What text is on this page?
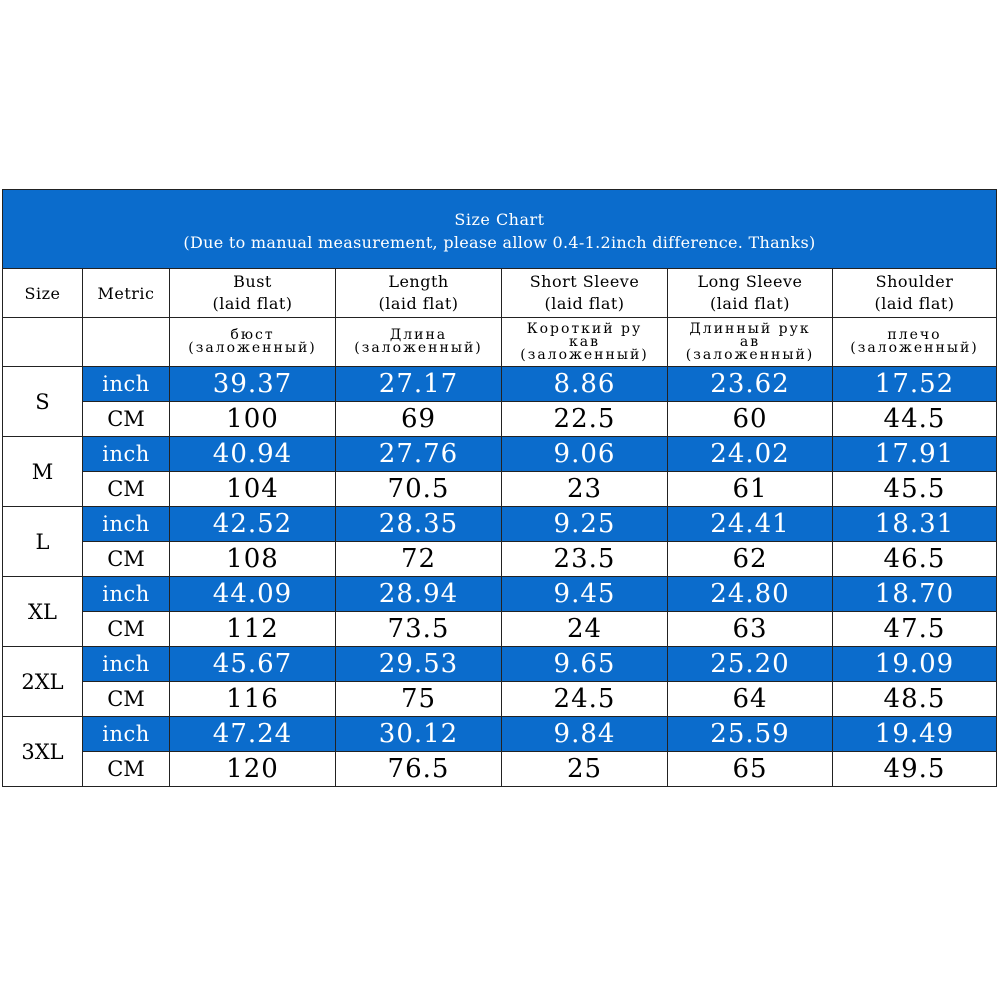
Size Chart
(Due to manual measurement, please allow 0.4-1.2inch difference. Thanks)
Size Metric
Bust
(laid flat)
бюст
(заложенный)
Length
(laid flat)
Длина
(заложенный)
Short Sleeve
(laid flat)
Короткий ру
кав
(заложенный)
Long Sleeve
(laid flat)
Длинный рук
ав
(заложенный)
Shoulder
(laid flat)
плечо
(заложенный)
S
inch
CM
39.37
100
27.17
69
8.86
22.5
23.62
60
17.52
44.5
M
inch
CM
40.94
104
27.76
70.5
9.06
23
24.02
61
17.91
45.5
L
inch
CM
42.52
108
28.35
72
9.25
23.5
24.41
62
18.31
46.5
XL
inch
CM
44.09
112
28.94
73.5
9.45
24
24.80
63
18.70
47.5
2XL
inch
CM
45.67
116
29.53
75
9.65
24.5
25.20
64
19.09
48.5
3XL
inch
CM
47.24
120
30.12
76.5
9.84
25
25.59
65
19.49
49.5
